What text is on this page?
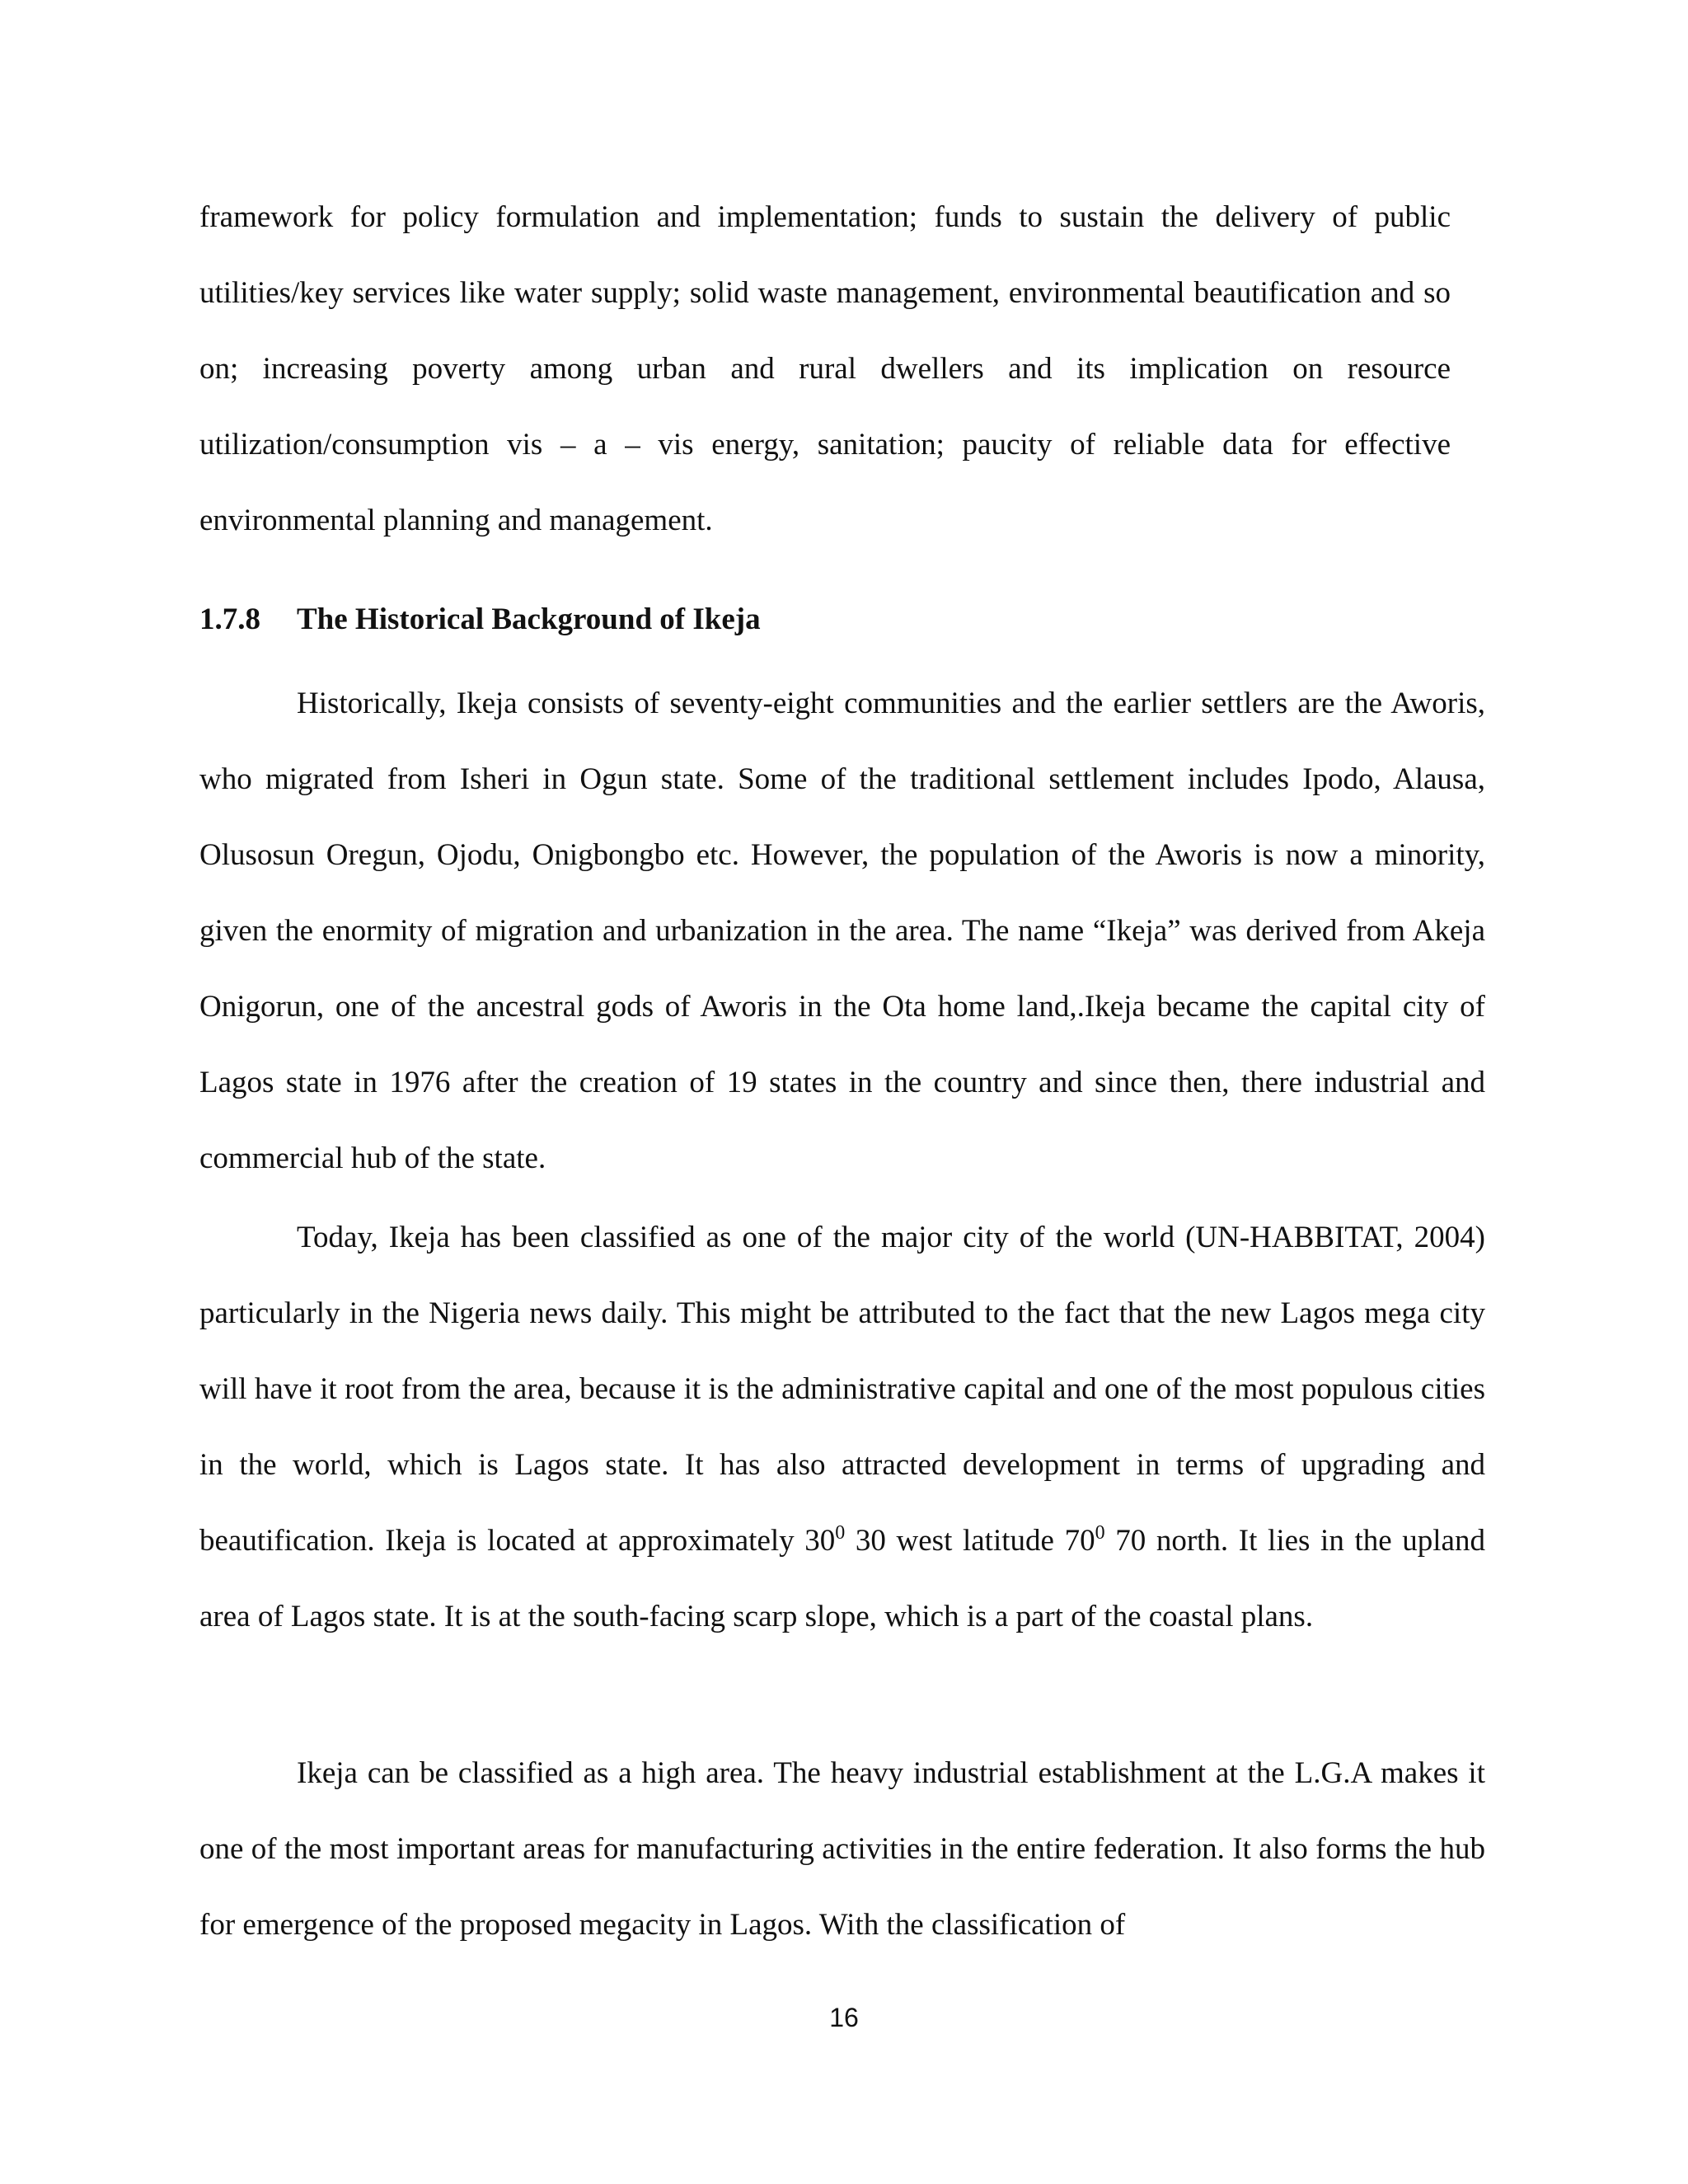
framework for policy formulation and implementation; funds to sustain the delivery of public utilities/key services like water supply; solid waste management, environmental beautification and so on; increasing poverty among urban and rural dwellers and its implication on resource utilization/consumption vis – a – vis energy, sanitation; paucity of reliable data for effective environmental planning and management.

1.7.8 The Historical Background of Ikeja

Historically, Ikeja consists of seventy-eight communities and the earlier settlers are the Aworis, who migrated from Isheri in Ogun state. Some of the traditional settlement includes Ipodo, Alausa, Olusosun Oregun, Ojodu, Onigbongbo etc. However, the population of the Aworis is now a minority, given the enormity of migration and urbanization in the area. The name “Ikeja” was derived from Akeja Onigorun, one of the ancestral gods of Aworis in the Ota home land,.Ikeja became the capital city of Lagos state in 1976 after the creation of 19 states in the country and since then, there industrial and commercial hub of the state.

Today, Ikeja has been classified as one of the major city of the world (UN-HABBITAT, 2004) particularly in the Nigeria news daily. This might be attributed to the fact that the new Lagos mega city will have it root from the area, because it is the administrative capital and one of the most populous cities in the world, which is Lagos state. It has also attracted development in terms of upgrading and beautification. Ikeja is located at approximately $30^0$ 30 west latitude $70^0$ 70 north. It lies in the upland area of Lagos state. It is at the south-facing scarp slope, which is a part of the coastal plans.

Ikeja can be classified as a high area. The heavy industrial establishment at the L.G.A makes it one of the most important areas for manufacturing activities in the entire federation. It also forms the hub for emergence of the proposed megacity in Lagos. With the classification of

16
